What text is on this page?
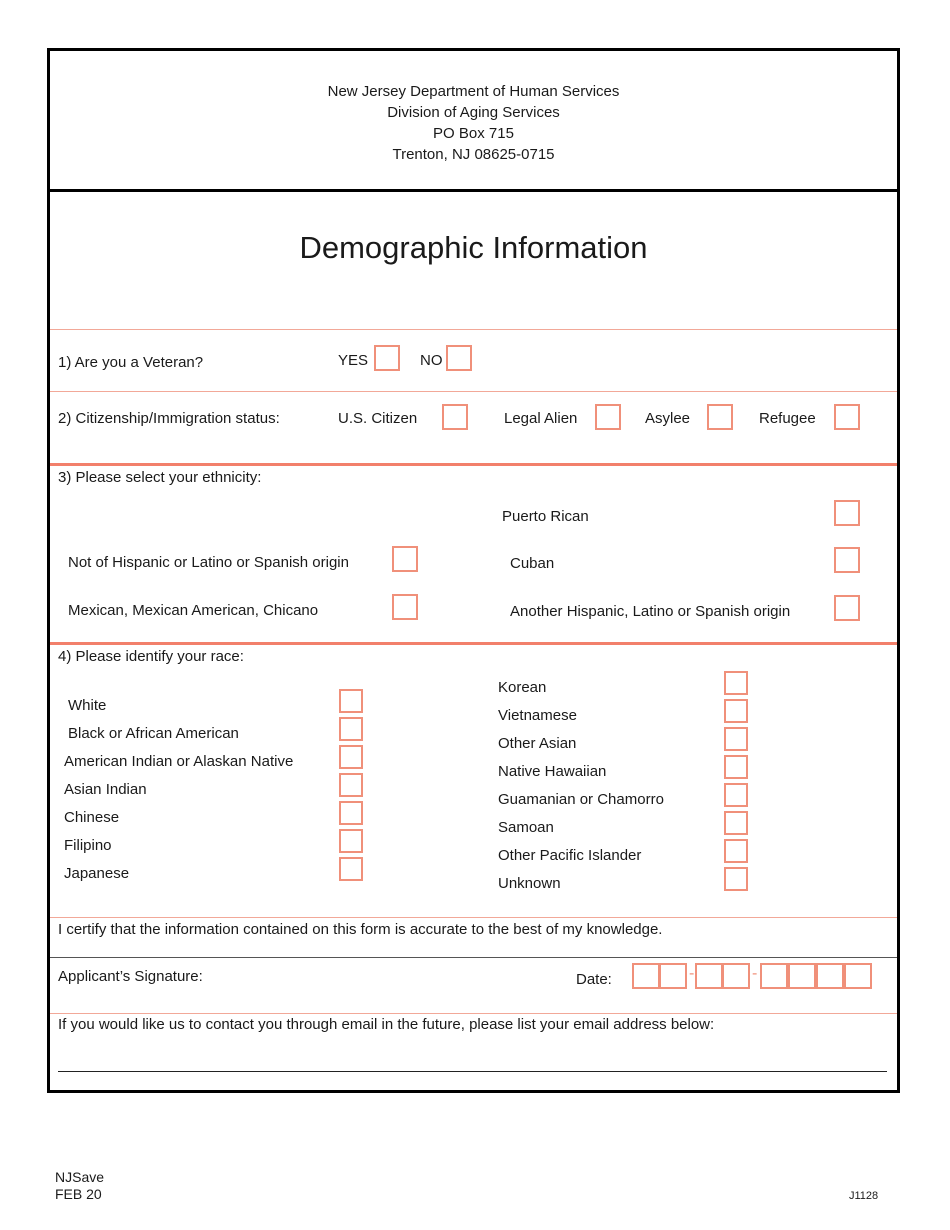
New Jersey Department of Human Services
Division of Aging Services
PO Box 715
Trenton, NJ 08625-0715
Demographic Information
1) Are you a Veteran?	YES	NO
2) Citizenship/Immigration status:	U.S. Citizen	Legal Alien	Asylee	Refugee
3) Please select your ethnicity:
Puerto Rican
Not of Hispanic or Latino or Spanish origin	Cuban
Mexican, Mexican American, Chicano	Another Hispanic, Latino or Spanish origin
4) Please identify your race:
White
Black or African American
American Indian or Alaskan Native
Asian Indian
Chinese
Filipino
Japanese
Korean
Vietnamese
Other Asian
Native Hawaiian
Guamanian or Chamorro
Samoan
Other Pacific Islander
Unknown
I certify that the information contained on this form is accurate to the best of my knowledge.
Applicant’s Signature:	Date:	-	-
If you would like us to contact you through email in the future, please list your email address below:
NJSave
FEB 20	J1128
